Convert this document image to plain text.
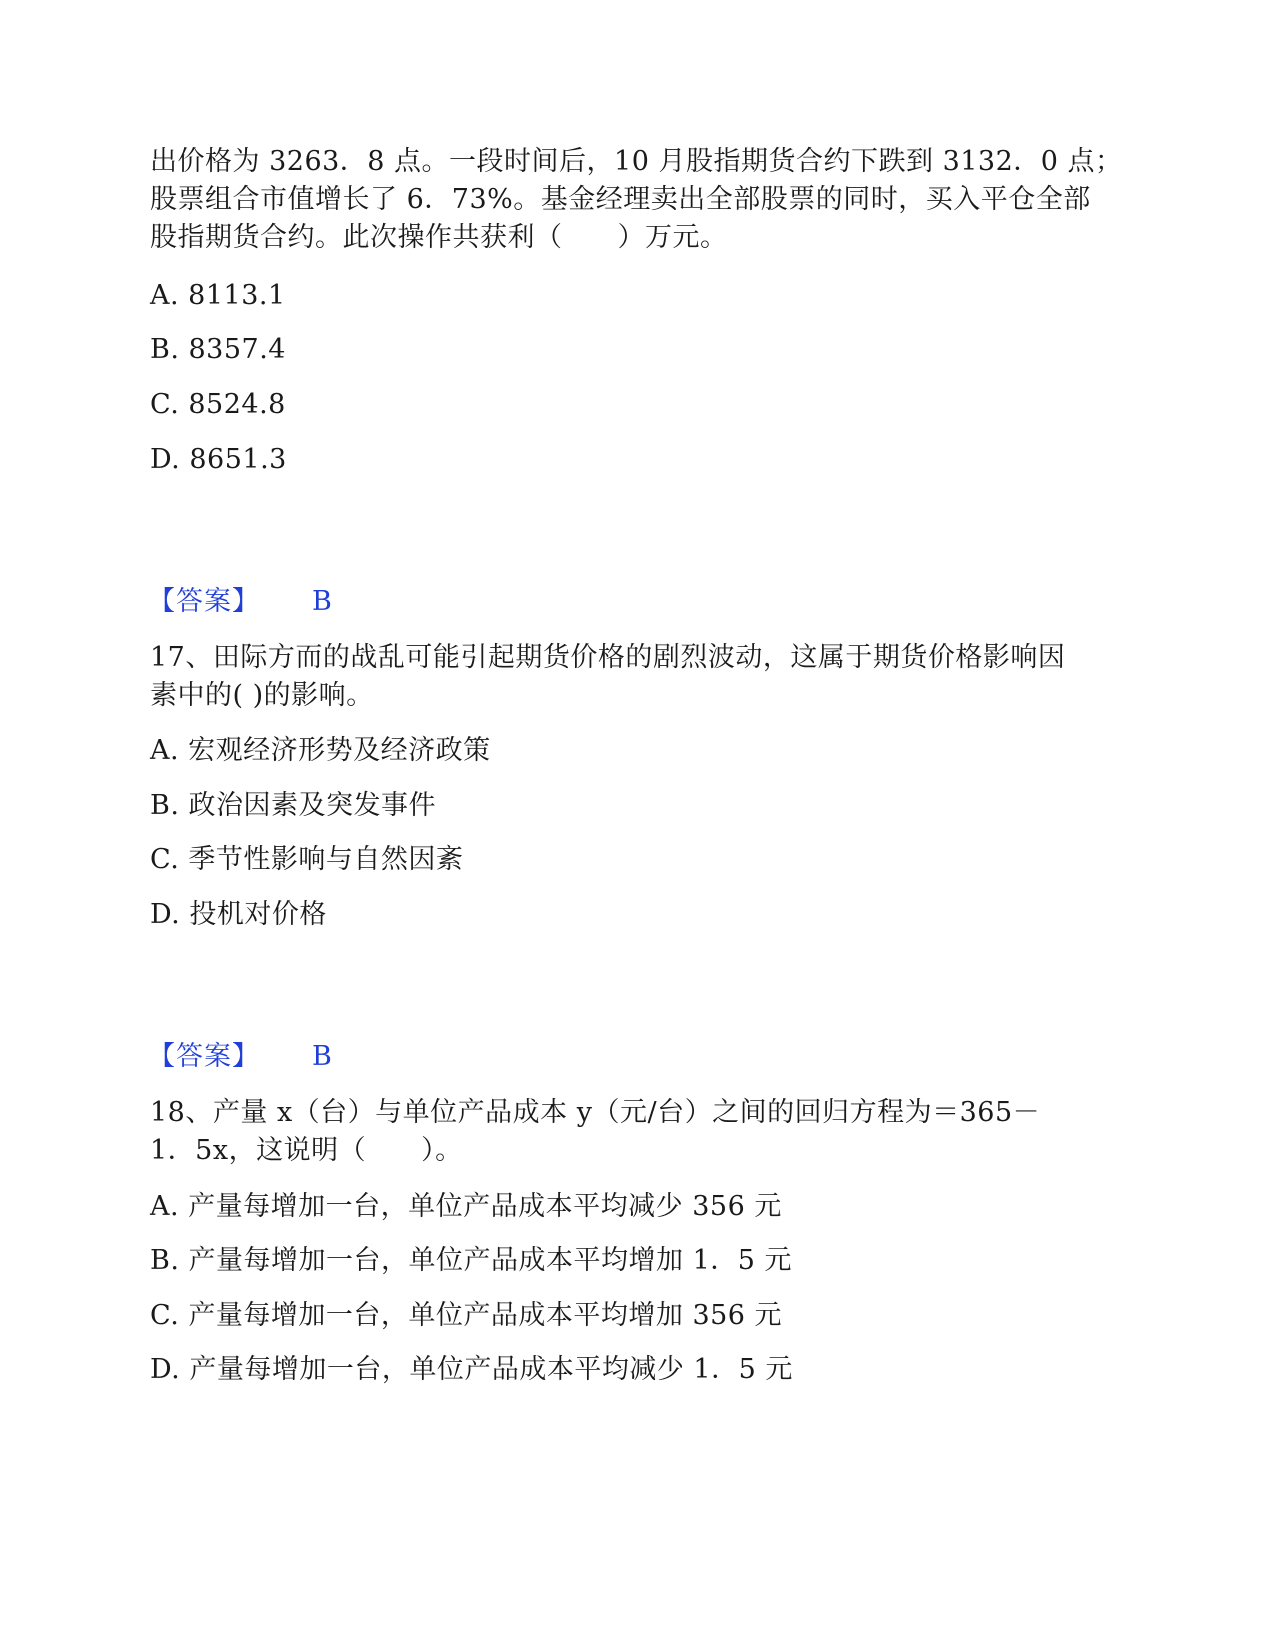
出价格为 3263．8 点。一段时间后，10 月股指期货合约下跌到 3132．0 点；
股票组合市值增长了 6．73%。基金经理卖出全部股票的同时，买入平仓全部
股指期货合约。此次操作共获利（　　）万元。
A. 8113.1
B. 8357.4
C. 8524.8
D. 8651.3
【答案】 B
17、田际方而的战乱可能引起期货价格的剧烈波动，这属于期货价格影响因
素中的( )的影响。
A. 宏观经济形势及经济政策
B. 政治因素及突发事件
C. 季节性影响与自然因紊
D. 投机对价格
【答案】 B
18、产量 x（台）与单位产品成本 y（元/台）之间的回归方程为＝365－
1．5x，这说明（　　）。
A. 产量每增加一台，单位产品成本平均减少 356 元
B. 产量每增加一台，单位产品成本平均增加 1．5 元
C. 产量每增加一台，单位产品成本平均增加 356 元
D. 产量每增加一台，单位产品成本平均减少 1．5 元
